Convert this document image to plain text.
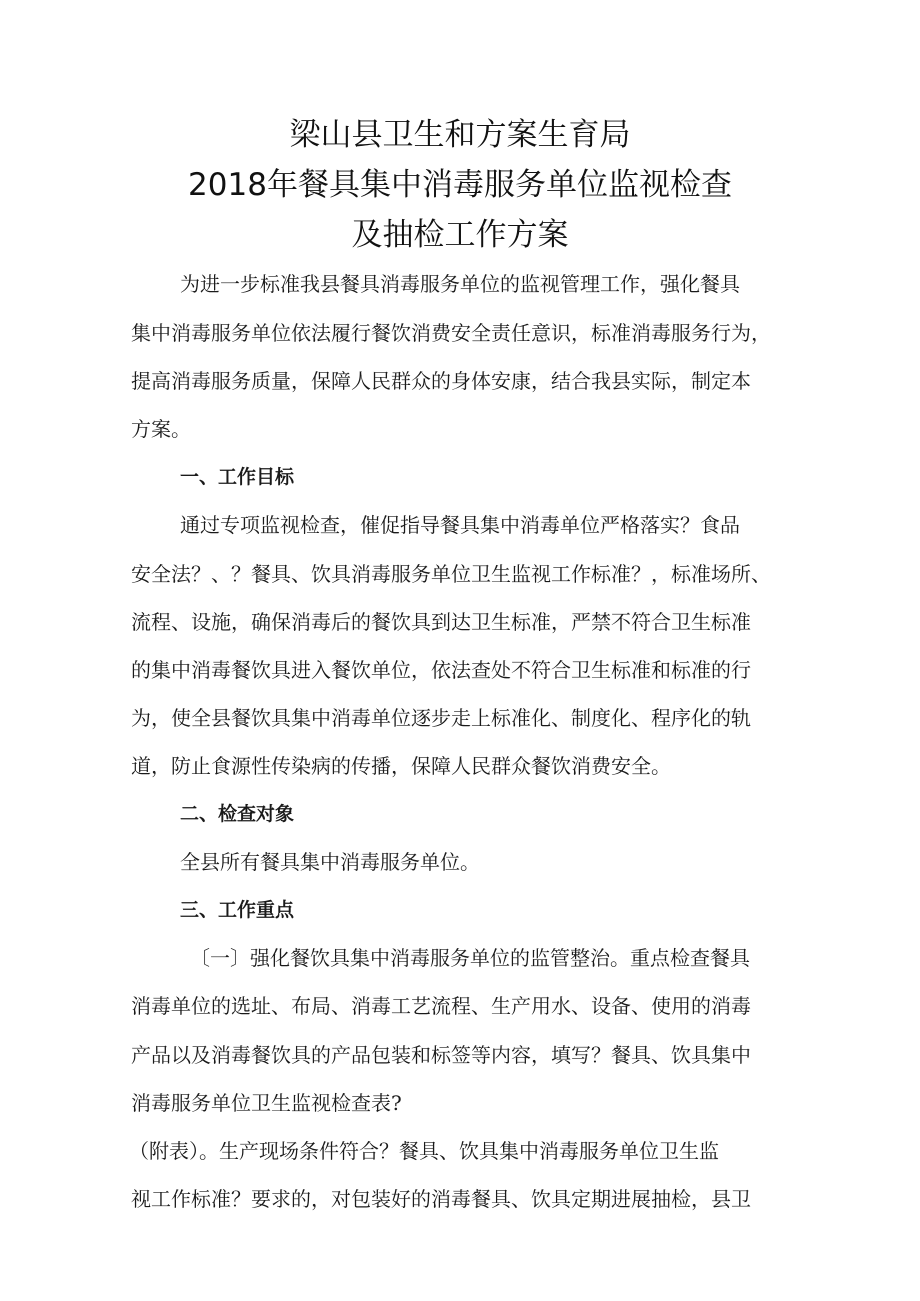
梁山县卫生和方案生育局
2018年餐具集中消毒服务单位监视检查
及抽检工作方案
为进一步标准我县餐具消毒服务单位的监视管理工作，强化餐具
集中消毒服务单位依法履行餐饮消费安全责任意识，标准消毒服务行为，
提高消毒服务质量，保障人民群众的身体安康，结合我县实际，制定本
方案。
一、工作目标
通过专项监视检查，催促指导餐具集中消毒单位严格落实？食品
安全法？、？餐具、饮具消毒服务单位卫生监视工作标准？，标准场所、
流程、设施，确保消毒后的餐饮具到达卫生标准，严禁不符合卫生标准
的集中消毒餐饮具进入餐饮单位，依法查处不符合卫生标准和标准的行
为，使全县餐饮具集中消毒单位逐步走上标准化、制度化、程序化的轨
道，防止食源性传染病的传播，保障人民群众餐饮消费安全。
二、检查对象
全县所有餐具集中消毒服务单位。
三、工作重点
〔一〕强化餐饮具集中消毒服务单位的监管整治。重点检查餐具
消毒单位的选址、布局、消毒工艺流程、生产用水、设备、使用的消毒
产品以及消毒餐饮具的产品包装和标签等内容，填写？餐具、饮具集中
消毒服务单位卫生监视检查表?
（附表）。生产现场条件符合？餐具、饮具集中消毒服务单位卫生监
视工作标准？要求的，对包装好的消毒餐具、饮具定期进展抽检，县卫
